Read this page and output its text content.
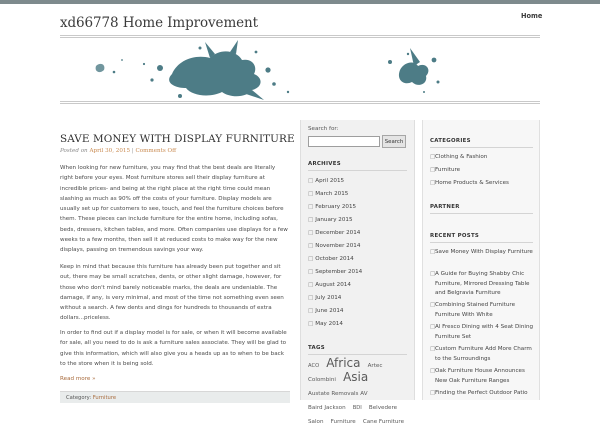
xd66778 Home Improvement	Home
SAVE MONEY WITH DISPLAY FURNITURE
Posted on April 30, 2015 | Comments Off

When looking for new furniture, you may find that the best deals are literally right before your eyes. Most furniture stores sell their display furniture at incredible prices- and being at the right place at the right time could mean slashing as much as 90% off the costs of your furniture. Display models are usually set up for customers to see, touch, and feel the furniture choices before them. These pieces can include furniture for the entire home, including sofas, beds, dressers, kitchen tables, and more. Often companies use displays for a few weeks to a few months, then sell it at reduced costs to make way for the new displays, passing on tremendous savings your way.

Keep in mind that because this furniture has already been put together and sit out, there may be small scratches, dents, or other slight damage, however, for those who don't mind barely noticeable marks, the deals are undeniable. The damage, if any, is very minimal, and most of the time not something even seen without a search. A few dents and dings for hundreds to thousands of extra dollars...priceless.

In order to find out if a display model is for sale, or when it will become available for sale, all you need to do is ask a furniture sales associate. They will be glad to give this information, which will also give you a heads up as to when to be back to the store when it is being sold.

Read more »
Category: Furniture
Search for:
Search
ARCHIVES
□ April 2015
□ March 2015
□ February 2015
□ January 2015
□ December 2014
□ November 2014
□ October 2014
□ September 2014
□ August 2014
□ July 2014
□ June 2014
□ May 2014
TAGS
ACO Africa Artec Colombini Asia Austate Removals AV Baird Jackson BDI Belvedere Salon Furniture Cane Furniture
CATEGORIES
□ Clothing & Fashion
□ Furniture
□ Home Products & Services
PARTNER
RECENT POSTS
□ Save Money With Display Furniture
□ A Guide for Buying Shabby Chic Furniture, Mirrored Dressing Table and Belgravia Furniture
□ Combining Stained Furniture Furniture With White
□ Al Fresco Dining with 4 Seat Dining Furniture Set
□ Custom Furniture Add More Charm to the Surroundings
□ Oak Furniture House Announces New Oak Furniture Ranges
□ Finding the Perfect Outdoor Patio
